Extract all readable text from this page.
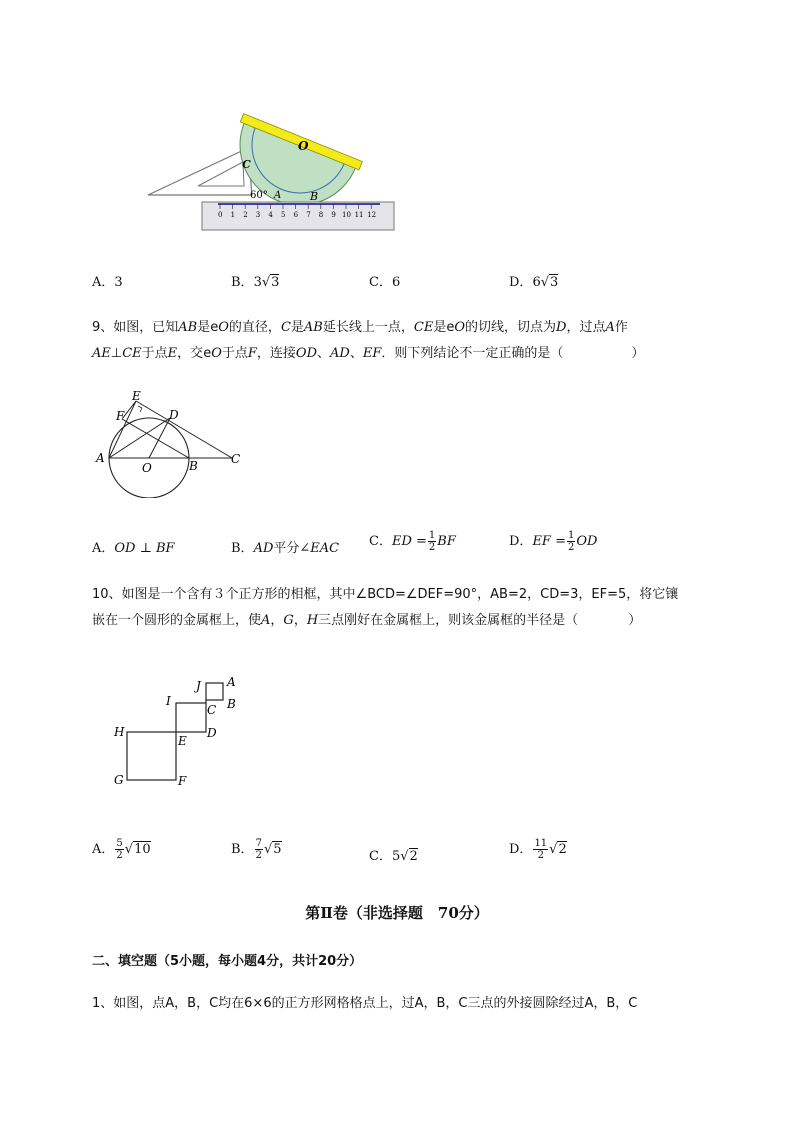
0 1 2 3 4 5 6 7 8 9 10 11 12
O
C
60° A	B
A．3	B．3√3	C．6	D．6√3
9、如图，已知AB是eO的直径，C是AB延长线上一点，CE是eO的切线，切点为D，过点A作
AE⊥CE于点E，交eO于点F，连接OD、AD、EF．则下列结论不一定正确的是（	）
E
F	D
A
O	B	C
A．OD ⊥ BF	B．AD平分∠EAC C．ED = $\frac{1}{2}$ BF	D．EF = $\frac{1}{2}$ OD
10、如图是一个含有３个正方形的相框，其中∠BCD=∠DEF=90°，AB=2，CD=3，EF=5，将它镶
嵌在一个圆形的金属框上，使A，G，H三点刚好在金属框上，则该金属框的半径是（	）
J A
I
C B
H
E
D
G	F
A． $\frac{5}{2} √10$	B． $\frac{7}{2} √5$	C．5√2	D． $\frac{11}{2} √2$
第Ⅱ卷（非选择题　70分）
二、填空题（5小题，每小题4分，共计20分）
1、如图，点A，B，C均在6×6的正方形网格格点上，过A，B，C三点的外接圆除经过A，B，C
